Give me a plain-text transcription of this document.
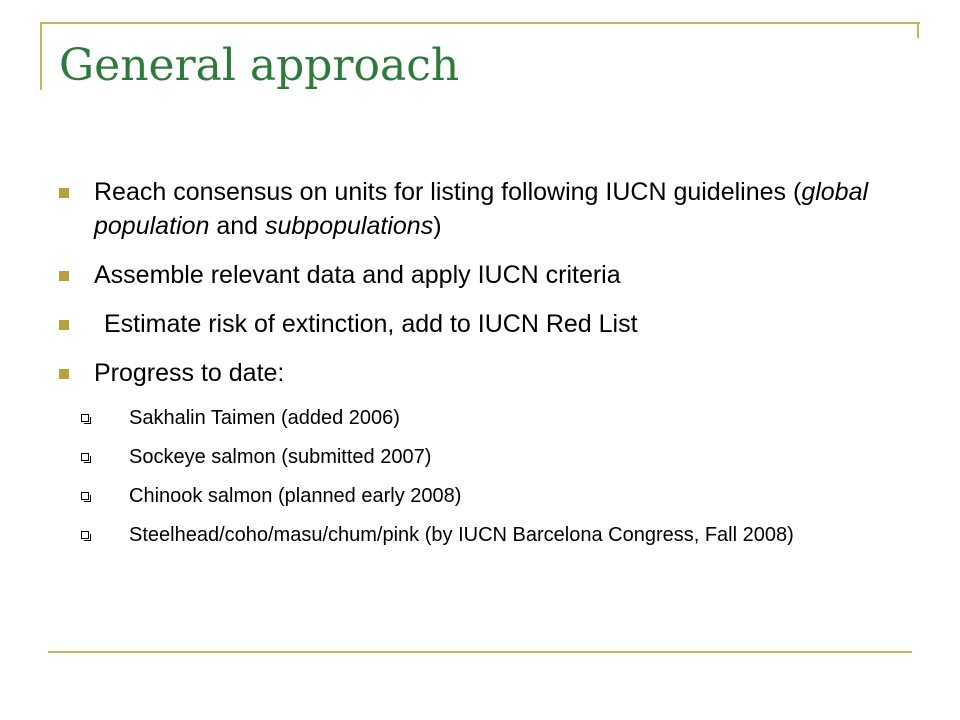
General approach
Reach consensus on units for listing following IUCN guidelines (global population and subpopulations)
Assemble relevant data and apply IUCN criteria
Estimate risk of extinction, add to IUCN Red List
Progress to date:
Sakhalin Taimen (added 2006)
Sockeye salmon (submitted 2007)
Chinook salmon (planned early 2008)
Steelhead/coho/masu/chum/pink (by IUCN Barcelona Congress, Fall 2008)
